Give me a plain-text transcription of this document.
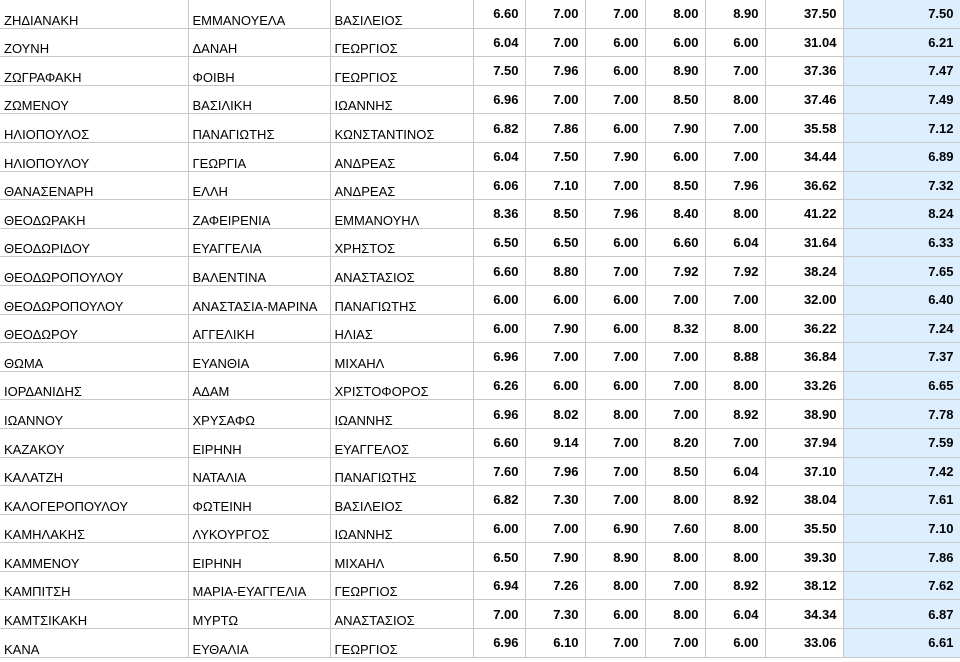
ΖΗΔΙΑΝΑΚΗ	ΕΜΜΑΝΟΥΕΛΑ	ΒΑΣΙΛΕΙΟΣ	6.60	7.00	7.00	8.00	8.90	37.50	7.50
ΖΟΥΝΗ	ΔΑΝΑΗ	ΓΕΩΡΓΙΟΣ	6.04	7.00	6.00	6.00	6.00	31.04	6.21
ΖΩΓΡΑΦΑΚΗ	ΦΟΙΒΗ	ΓΕΩΡΓΙΟΣ	7.50	7.96	6.00	8.90	7.00	37.36	7.47
ΖΩΜΕΝΟΥ	ΒΑΣΙΛΙΚΗ	ΙΩΑΝΝΗΣ	6.96	7.00	7.00	8.50	8.00	37.46	7.49
ΗΛΙΟΠΟΥΛΟΣ	ΠΑΝΑΓΙΩΤΗΣ	ΚΩΝΣΤΑΝΤΙΝΟΣ	6.82	7.86	6.00	7.90	7.00	35.58	7.12
ΗΛΙΟΠΟΥΛΟΥ	ΓΕΩΡΓΙΑ	ΑΝΔΡΕΑΣ	6.04	7.50	7.90	6.00	7.00	34.44	6.89
ΘΑΝΑΣΕΝΑΡΗ	ΕΛΛΗ	ΑΝΔΡΕΑΣ	6.06	7.10	7.00	8.50	7.96	36.62	7.32
ΘΕΟΔΩΡΑΚΗ	ΖΑΦΕΙΡΕΝΙΑ	ΕΜΜΑΝΟΥΗΛ	8.36	8.50	7.96	8.40	8.00	41.22	8.24
ΘΕΟΔΩΡΙΔΟΥ	ΕΥΑΓΓΕΛΙΑ	ΧΡΗΣΤΟΣ	6.50	6.50	6.00	6.60	6.04	31.64	6.33
ΘΕΟΔΩΡΟΠΟΥΛΟΥ	ΒΑΛΕΝΤΙΝΑ	ΑΝΑΣΤΑΣΙΟΣ	6.60	8.80	7.00	7.92	7.92	38.24	7.65
ΘΕΟΔΩΡΟΠΟΥΛΟΥ	ΑΝΑΣΤΑΣΙΑ-ΜΑΡΙΝΑ	ΠΑΝΑΓΙΩΤΗΣ	6.00	6.00	6.00	7.00	7.00	32.00	6.40
ΘΕΟΔΩΡΟΥ	ΑΓΓΕΛΙΚΗ	ΗΛΙΑΣ	6.00	7.90	6.00	8.32	8.00	36.22	7.24
ΘΩΜΑ	ΕΥΑΝΘΙΑ	ΜΙΧΑΗΛ	6.96	7.00	7.00	7.00	8.88	36.84	7.37
ΙΟΡΔΑΝΙΔΗΣ	ΑΔΑΜ	ΧΡΙΣΤΟΦΟΡΟΣ	6.26	6.00	6.00	7.00	8.00	33.26	6.65
ΙΩΑΝΝΟΥ	ΧΡΥΣΑΦΩ	ΙΩΑΝΝΗΣ	6.96	8.02	8.00	7.00	8.92	38.90	7.78
ΚΑΖΑΚΟΥ	ΕΙΡΗΝΗ	ΕΥΑΓΓΕΛΟΣ	6.60	9.14	7.00	8.20	7.00	37.94	7.59
ΚΑΛΑΤΖΗ	ΝΑΤΑΛΙΑ	ΠΑΝΑΓΙΩΤΗΣ	7.60	7.96	7.00	8.50	6.04	37.10	7.42
ΚΑΛΟΓΕΡΟΠΟΥΛΟΥ	ΦΩΤΕΙΝΗ	ΒΑΣΙΛΕΙΟΣ	6.82	7.30	7.00	8.00	8.92	38.04	7.61
ΚΑΜΗΛΑΚΗΣ	ΛΥΚΟΥΡΓΟΣ	ΙΩΑΝΝΗΣ	6.00	7.00	6.90	7.60	8.00	35.50	7.10
ΚΑΜΜΕΝΟΥ	ΕΙΡΗΝΗ	ΜΙΧΑΗΛ	6.50	7.90	8.90	8.00	8.00	39.30	7.86
ΚΑΜΠΙΤΣΗ	ΜΑΡΙΑ-ΕΥΑΓΓΕΛΙΑ	ΓΕΩΡΓΙΟΣ	6.94	7.26	8.00	7.00	8.92	38.12	7.62
ΚΑΜΤΣΙΚΑΚΗ	ΜΥΡΤΩ	ΑΝΑΣΤΑΣΙΟΣ	7.00	7.30	6.00	8.00	6.04	34.34	6.87
ΚΑΝΑ	ΕΥΘΑΛΙΑ	ΓΕΩΡΓΙΟΣ	6.96	6.10	7.00	7.00	6.00	33.06	6.61
